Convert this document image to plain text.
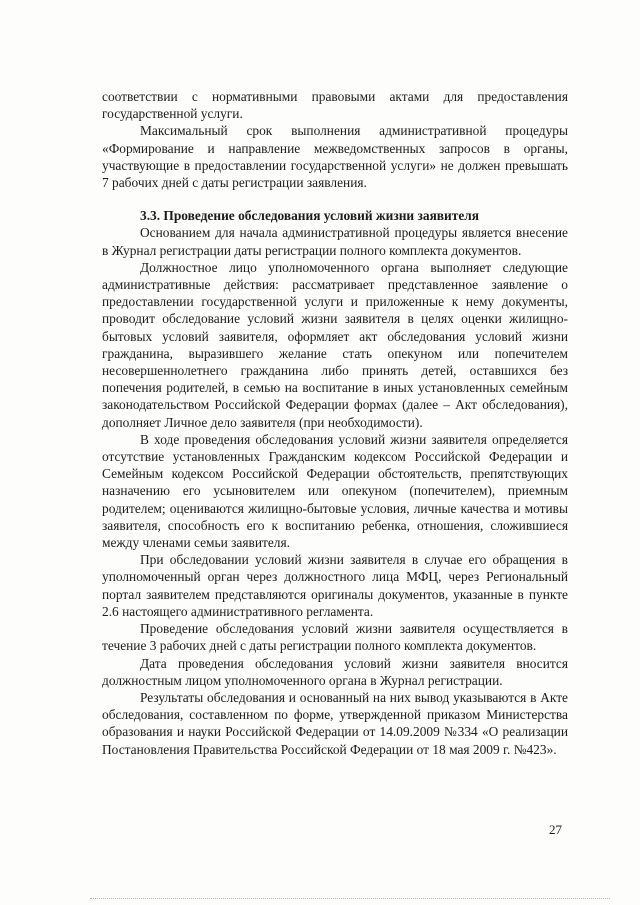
соответствии с нормативными правовыми актами для предоставления государственной услуги.

Максимальный срок выполнения административной процедуры «Формирование и направление межведомственных запросов в органы, участвующие в предоставлении государственной услуги» не должен превышать 7 рабочих дней с даты регистрации заявления.

3.3. Проведение обследования условий жизни заявителя

Основанием для начала административной процедуры является внесение в Журнал регистрации даты регистрации полного комплекта документов.

Должностное лицо уполномоченного органа выполняет следующие административные действия: рассматривает представленное заявление о предоставлении государственной услуги и приложенные к нему документы, проводит обследование условий жизни заявителя в целях оценки жилищно-бытовых условий заявителя, оформляет акт обследования условий жизни гражданина, выразившего желание стать опекуном или попечителем несовершеннолетнего гражданина либо принять детей, оставшихся без попечения родителей, в семью на воспитание в иных установленных семейным законодательством Российской Федерации формах (далее – Акт обследования), дополняет Личное дело заявителя (при необходимости).

В ходе проведения обследования условий жизни заявителя определяется отсутствие установленных Гражданским кодексом Российской Федерации и Семейным кодексом Российской Федерации обстоятельств, препятствующих назначению его усыновителем или опекуном (попечителем), приемным родителем; оцениваются жилищно-бытовые условия, личные качества и мотивы заявителя, способность его к воспитанию ребенка, отношения, сложившиеся между членами семьи заявителя.

При обследовании условий жизни заявителя в случае его обращения в уполномоченный орган через должностного лица МФЦ, через Региональный портал заявителем представляются оригиналы документов, указанные в пункте 2.6 настоящего административного регламента.

Проведение обследования условий жизни заявителя осуществляется в течение 3 рабочих дней с даты регистрации полного комплекта документов.

Дата проведения обследования условий жизни заявителя вносится должностным лицом уполномоченного органа в Журнал регистрации.

Результаты обследования и основанный на них вывод указываются в Акте обследования, составленном по форме, утвержденной приказом Министерства образования и науки Российской Федерации от 14.09.2009 №334 «О реализации Постановления Правительства Российской Федерации от 18 мая 2009 г. №423».

27
